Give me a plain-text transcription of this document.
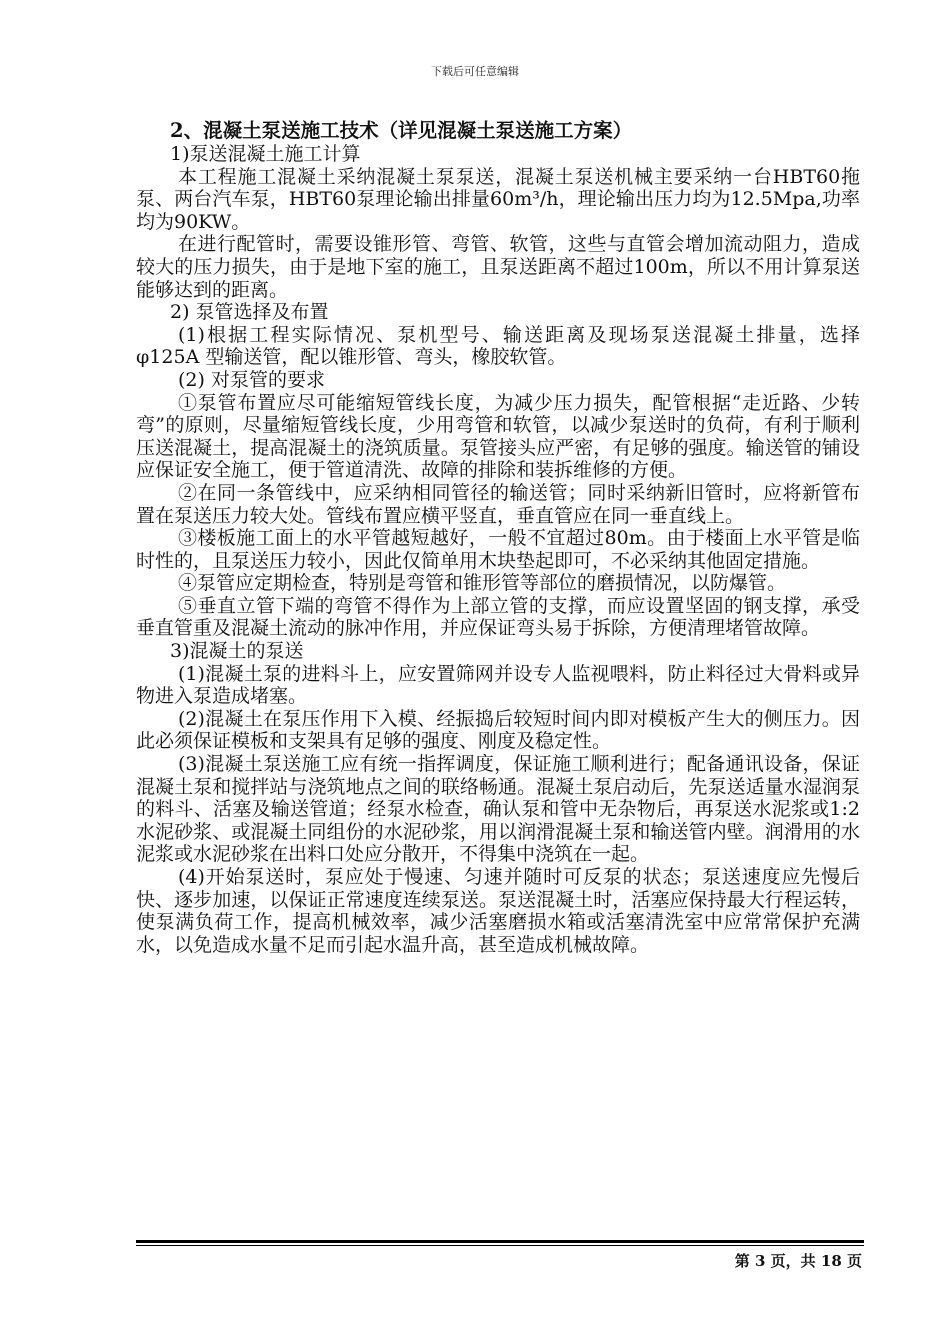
下载后可任意编辑

2、混凝土泵送施工技术（详见混凝土泵送施工方案）

1)泵送混凝土施工计算

本工程施工混凝土采纳混凝土泵泵送，混凝土泵送机械主要采纳一台HBT60拖泵、两台汽车泵，HBT60泵理论输出排量60m³/h，理论输出压力均为12.5Mpa,功率均为90KW。

在进行配管时，需要设锥形管、弯管、软管，这些与直管会增加流动阻力，造成较大的压力损失，由于是地下室的施工，且泵送距离不超过100m，所以不用计算泵送能够达到的距离。

2) 泵管选择及布置

(1)根据工程实际情况、泵机型号、输送距离及现场泵送混凝土排量，选择 φ125A 型输送管，配以锥形管、弯头，橡胶软管。

(2) 对泵管的要求

①泵管布置应尽可能缩短管线长度，为减少压力损失，配管根据“走近路、少转弯”的原则，尽量缩短管线长度，少用弯管和软管，以减少泵送时的负荷，有利于顺利压送混凝土，提高混凝土的浇筑质量。泵管接头应严密，有足够的强度。输送管的铺设应保证安全施工，便于管道清洗、故障的排除和装拆维修的方便。

②在同一条管线中，应采纳相同管径的输送管；同时采纳新旧管时，应将新管布置在泵送压力较大处。管线布置应横平竖直，垂直管应在同一垂直线上。

③楼板施工面上的水平管越短越好，一般不宜超过80m。由于楼面上水平管是临时性的，且泵送压力较小，因此仅简单用木块垫起即可，不必采纳其他固定措施。

④泵管应定期检查，特别是弯管和锥形管等部位的磨损情况，以防爆管。

⑤垂直立管下端的弯管不得作为上部立管的支撑，而应设置坚固的钢支撑，承受垂直管重及混凝土流动的脉冲作用，并应保证弯头易于拆除，方便清理堵管故障。

3)混凝土的泵送

(1)混凝土泵的进料斗上，应安置筛网并设专人监视喂料，防止料径过大骨料或异物进入泵造成堵塞。

(2)混凝土在泵压作用下入模、经振捣后较短时间内即对模板产生大的侧压力。因此必须保证模板和支架具有足够的强度、刚度及稳定性。

(3)混凝土泵送施工应有统一指挥调度，保证施工顺利进行；配备通讯设备，保证混凝土泵和搅拌站与浇筑地点之间的联络畅通。混凝土泵启动后，先泵送适量水湿润泵的料斗、活塞及输送管道；经泵水检查，确认泵和管中无杂物后，再泵送水泥浆或1:2水泥砂浆、或混凝土同组份的水泥砂浆，用以润滑混凝土泵和输送管内壁。润滑用的水泥浆或水泥砂浆在出料口处应分散开，不得集中浇筑在一起。

(4)开始泵送时，泵应处于慢速、匀速并随时可反泵的状态；泵送速度应先慢后快、逐步加速，以保证正常速度连续泵送。泵送混凝土时，活塞应保持最大行程运转，使泵满负荷工作，提高机械效率，减少活塞磨损水箱或活塞清洗室中应常常保护充满水，以免造成水量不足而引起水温升高，甚至造成机械故障。

第 3 页，共 18 页
